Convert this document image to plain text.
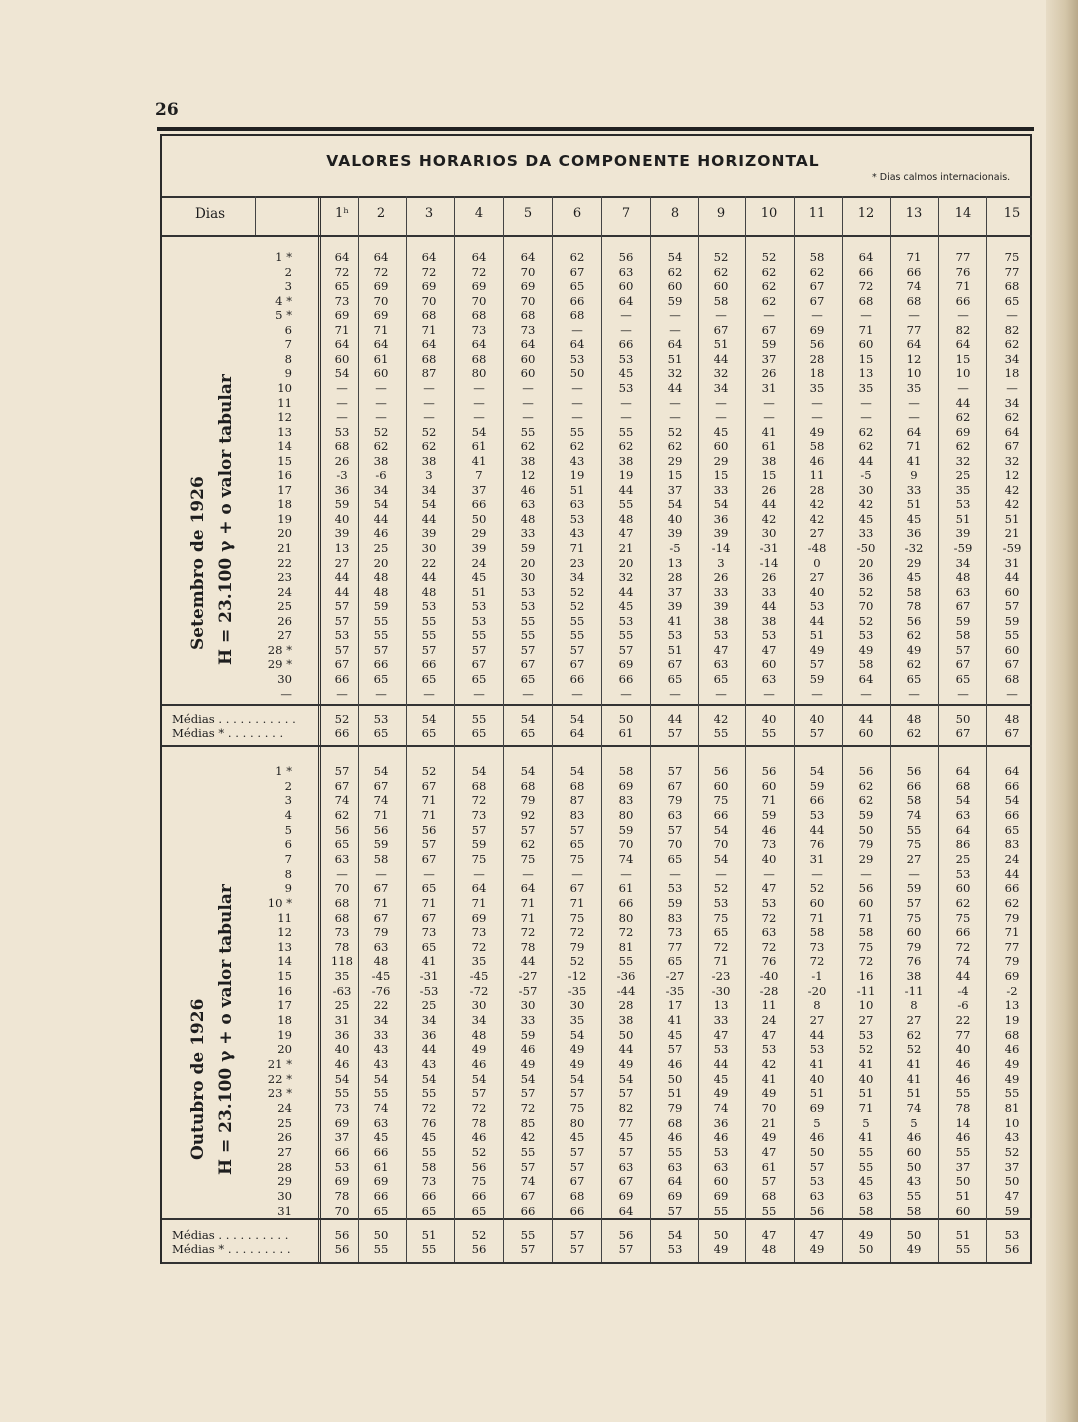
26
VALORES HORARIOS DA COMPONENTE HORIZONTAL
* Dias calmos internacionais.
Dias	1ʰ	2	3	4	5	6	7	8	9	10	11	12	13	14	15
1 *	64	64	64	64	64	62	56	54	52	52	58	64	71	77	75
2	72	72	72	72	70	67	63	62	62	62	62	66	66	76	77
3	65	69	69	69	69	65	60	60	60	62	67	72	74	71	68
4 *	73	70	70	70	70	66	64	59	58	62	67	68	68	66	65
5 *	69	69	68	68	68	68	—	—	—	—	—	—	—	—	—
6	71	71	71	73	73	—	—	—	67	67	69	71	77	82	82
7	64	64	64	64	64	64	66	64	51	59	56	60	64	64	62
8	60	61	68	68	60	53	53	51	44	37	28	15	12	15	34
9	54	60	87	80	60	50	45	32	32	26	18	13	10	10	18
10	—	—	—	—	—	—	53	44	34	31	35	35	35	—	—
11	—	—	—	—	—	—	—	—	—	—	—	—	—	44	34
12	—	—	—	—	—	—	—	—	—	—	—	—	—	62	62
13	53	52	52	54	55	55	55	52	45	41	49	62	64	69	64
14	68	62	62	61	62	62	62	62	60	61	58	62	71	62	67
15	26	38	38	41	38	43	38	29	29	38	46	44	41	32	32
16	-3	-6	3	7	12	19	19	15	15	15	11	-5	9	25	12
17	36	34	34	37	46	51	44	37	33	26	28	30	33	35	42
18	59	54	54	66	63	63	55	54	54	44	42	42	51	53	42
19	40	44	44	50	48	53	48	40	36	42	42	45	45	51	51
20	39	46	39	29	33	43	47	39	39	30	27	33	36	39	21
21	13	25	30	39	59	71	21	-5	-14	-31	-48	-50	-32	-59	-59
22	27	20	22	24	20	23	20	13	3	-14	0	20	29	34	31
23	44	48	44	45	30	34	32	28	26	26	27	36	45	48	44
24	44	48	48	51	53	52	44	37	33	33	40	52	58	63	60
25	57	59	53	53	53	52	45	39	39	44	53	70	78	67	57
26	57	55	55	53	55	55	53	41	38	38	44	52	56	59	59
27	53	55	55	55	55	55	55	53	53	53	51	53	62	58	55
28 *	57	57	57	57	57	57	57	51	47	47	49	49	49	57	60
29 *	67	66	66	67	67	67	69	67	63	60	57	58	62	67	67
30	66	65	65	65	65	66	66	65	65	63	59	64	65	65	68
—	—	—	—	—	—	—	—	—	—	—	—	—	—	—	—
Médias . . . . . . . . . . .	52	53	54	55	54	54	50	44	42	40	40	44	48	50	48
Médias * . . . . . . . .	66	65	65	65	65	64	61	57	55	55	57	60	62	67	67
Setembro de 1926 H = 23.100 γ + o valor tabular
1 *	57	54	52	54	54	54	58	57	56	56	54	56	56	64	64
2	67	67	67	68	68	68	69	67	60	60	59	62	66	68	66
3	74	74	71	72	79	87	83	79	75	71	66	62	58	54	54
4	62	71	71	73	92	83	80	63	66	59	53	59	74	63	66
5	56	56	56	57	57	57	59	57	54	46	44	50	55	64	65
6	65	59	57	59	62	65	70	70	70	73	76	79	75	86	83
7	63	58	67	75	75	75	74	65	54	40	31	29	27	25	24
8	—	—	—	—	—	—	—	—	—	—	—	—	—	53	44
9	70	67	65	64	64	67	61	53	52	47	52	56	59	60	66
10 *	68	71	71	71	71	71	66	59	53	53	60	60	57	62	62
11	68	67	67	69	71	75	80	83	75	72	71	71	75	75	79
12	73	79	73	73	72	72	72	73	65	63	58	58	60	66	71
13	78	63	65	72	78	79	81	77	72	72	73	75	79	72	77
14	118	48	41	35	44	52	55	65	71	76	72	72	76	74	79
15	35	-45	-31	-45	-27	-12	-36	-27	-23	-40	-1	16	38	44	69
16	-63	-76	-53	-72	-57	-35	-44	-35	-30	-28	-20	-11	-11	-4	-2
17	25	22	25	30	30	30	28	17	13	11	8	10	8	-6	13
18	31	34	34	34	33	35	38	41	33	24	27	27	27	22	19
19	36	33	36	48	59	54	50	45	47	47	44	53	62	77	68
20	40	43	44	49	46	49	44	57	53	53	53	52	52	40	46
21 *	46	43	43	46	49	49	49	46	44	42	41	41	41	46	49
22 *	54	54	54	54	54	54	54	50	45	41	40	40	41	46	49
23 *	55	55	55	57	57	57	57	51	49	49	51	51	51	55	55
24	73	74	72	72	72	75	82	79	74	70	69	71	74	78	81
25	69	63	76	78	85	80	77	68	36	21	5	5	5	14	10
26	37	45	45	46	42	45	45	46	46	49	46	41	46	46	43
27	66	66	55	52	55	57	57	55	53	47	50	55	60	55	52
28	53	61	58	56	57	57	63	63	63	61	57	55	50	37	37
29	69	69	73	75	74	67	67	64	60	57	53	45	43	50	50
30	78	66	66	66	67	68	69	69	69	68	63	63	55	51	47
31	70	65	65	65	66	66	64	57	55	55	56	58	58	60	59
Médias . . . . . . . . . .	56	50	51	52	55	57	56	54	50	47	47	49	50	51	53
Médias * . . . . . . . . .	56	55	55	56	57	57	57	53	49	48	49	50	49	55	56
Outubro de 1926 H = 23.100 γ + o valor tabular
